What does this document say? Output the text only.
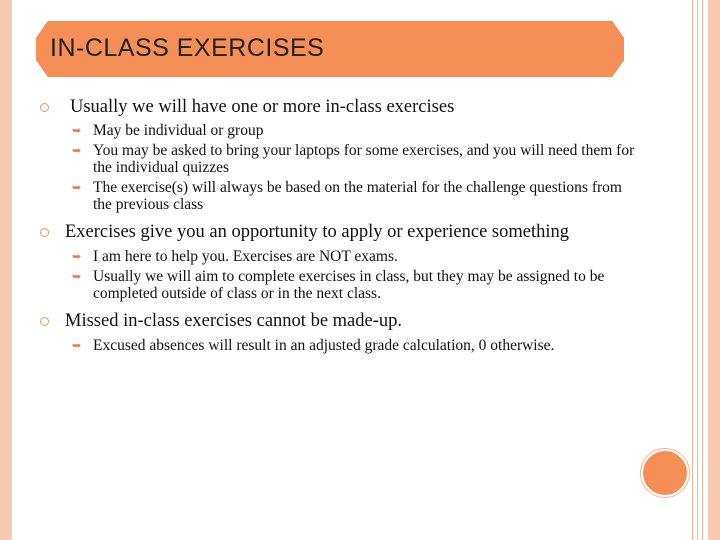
IN-CLASS EXERCISES
Usually we will have one or more in-class exercises
➥ May be individual or group
➥ You may be asked to bring your laptops for some exercises, and you will need them for the individual quizzes
➥ The exercise(s) will always be based on the material for the challenge questions from the previous class
Exercises give you an opportunity to apply or experience something
➥ I am here to help you. Exercises are NOT exams.
➥ Usually we will aim to complete exercises in class, but they may be assigned to be completed outside of class or in the next class.
Missed in-class exercises cannot be made-up.
➥ Excused absences will result in an adjusted grade calculation, 0 otherwise.
